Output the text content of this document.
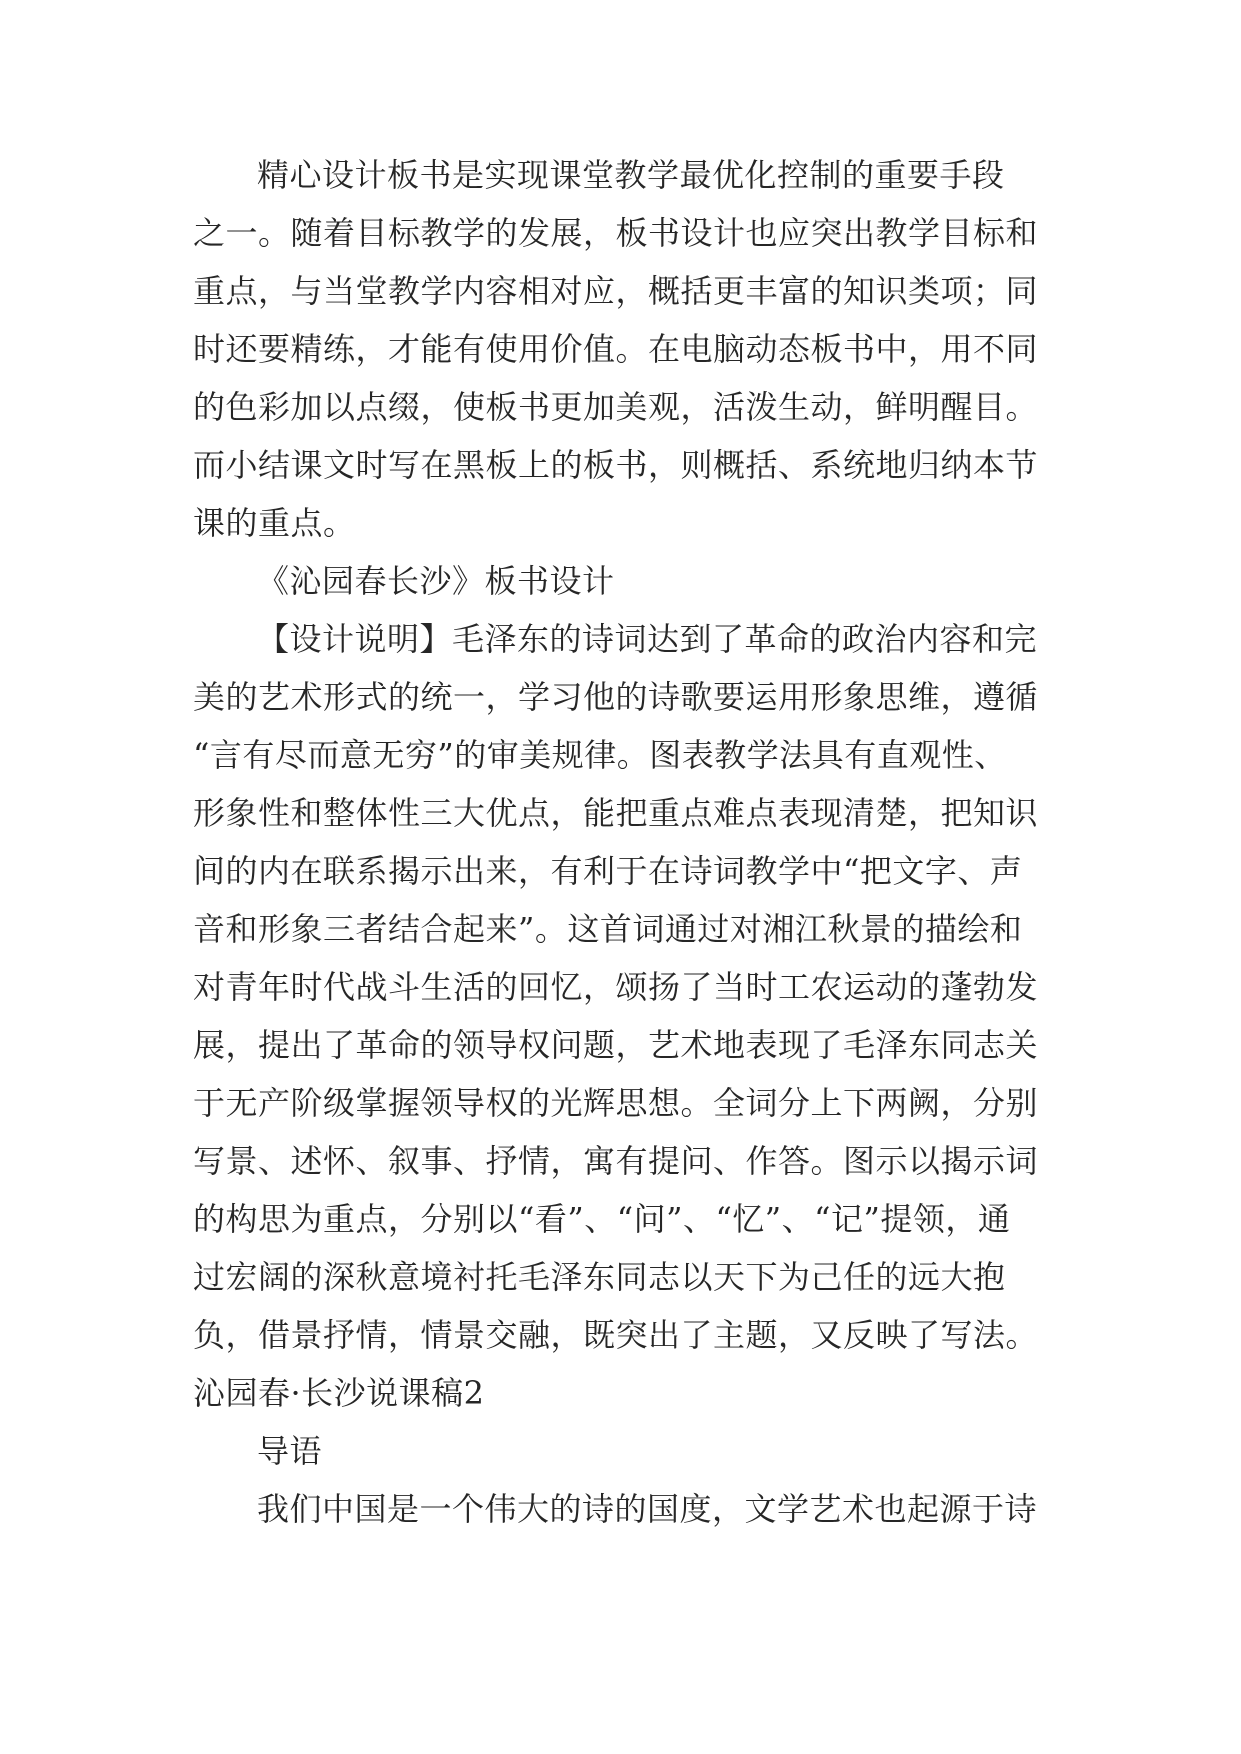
精心设计板书是实现课堂教学最优化控制的重要手段

之一。随着目标教学的发展，板书设计也应突出教学目标和

重点，与当堂教学内容相对应，概括更丰富的知识类项；同

时还要精练，才能有使用价值。在电脑动态板书中，用不同

的色彩加以点缀，使板书更加美观，活泼生动，鲜明醒目。

而小结课文时写在黑板上的板书，则概括、系统地归纳本节

课的重点。

《沁园春长沙》板书设计

【设计说明】毛泽东的诗词达到了革命的政治内容和完

美的艺术形式的统一，学习他的诗歌要运用形象思维，遵循

“言有尽而意无穷”的审美规律。图表教学法具有直观性、

形象性和整体性三大优点，能把重点难点表现清楚，把知识

间的内在联系揭示出来，有利于在诗词教学中“把文字、声

音和形象三者结合起来”。这首词通过对湘江秋景的描绘和

对青年时代战斗生活的回忆，颂扬了当时工农运动的蓬勃发

展，提出了革命的领导权问题，艺术地表现了毛泽东同志关

于无产阶级掌握领导权的光辉思想。全词分上下两阙，分别

写景、述怀、叙事、抒情，寓有提问、作答。图示以揭示词

的构思为重点，分别以“看”、“问”、“忆”、“记”提领，通

过宏阔的深秋意境衬托毛泽东同志以天下为己任的远大抱

负，借景抒情，情景交融，既突出了主题，又反映了写法。

沁园春·长沙说课稿2

导语

我们中国是一个伟大的诗的国度，文学艺术也起源于诗
